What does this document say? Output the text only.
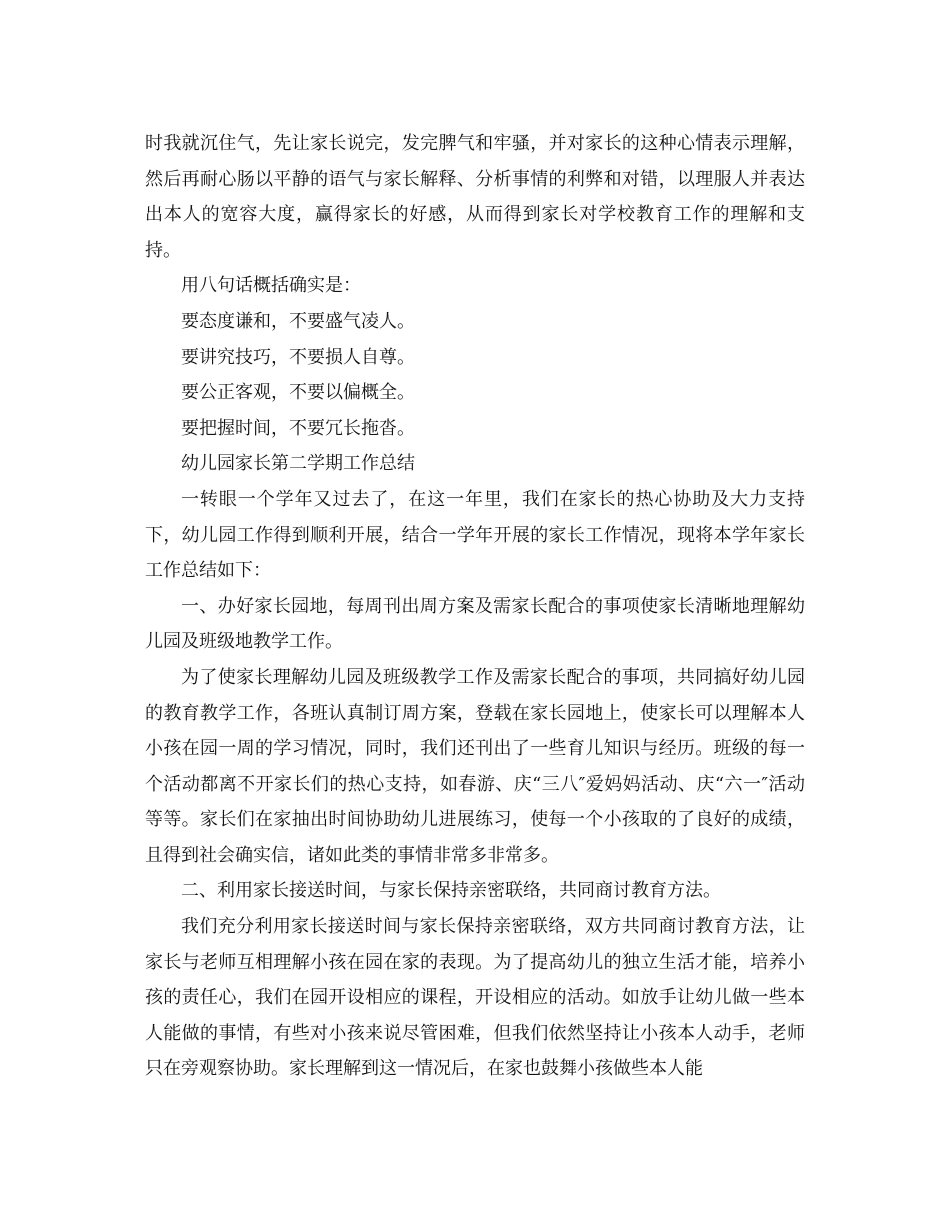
时我就沉住气，先让家长说完，发完脾气和牢骚，并对家长的这种心情表示理解，然后再耐心肠以平静的语气与家长解释、分析事情的利弊和对错，以理服人并表达出本人的宽容大度，赢得家长的好感，从而得到家长对学校教育工作的理解和支持。

用八句话概括确实是：

要态度谦和，不要盛气凌人。

要讲究技巧，不要损人自尊。

要公正客观，不要以偏概全。

要把握时间，不要冗长拖沓。

幼儿园家长第二学期工作总结

一转眼一个学年又过去了，在这一年里，我们在家长的热心协助及大力支持下，幼儿园工作得到顺利开展，结合一学年开展的家长工作情况，现将本学年家长工作总结如下：

一、办好家长园地，每周刊出周方案及需家长配合的事项使家长清晰地理解幼儿园及班级地教学工作。

为了使家长理解幼儿园及班级教学工作及需家长配合的事项，共同搞好幼儿园的教育教学工作，各班认真制订周方案，登载在家长园地上，使家长可以理解本人小孩在园一周的学习情况，同时，我们还刊出了一些育儿知识与经历。班级的每一个活动都离不开家长们的热心支持，如春游、庆“三八″爱妈妈活动、庆“六一″活动等等。家长们在家抽出时间协助幼儿进展练习，使每一个小孩取的了良好的成绩，且得到社会确实信，诸如此类的事情非常多非常多。

二、利用家长接送时间，与家长保持亲密联络，共同商讨教育方法。

我们充分利用家长接送时间与家长保持亲密联络，双方共同商讨教育方法，让家长与老师互相理解小孩在园在家的表现。为了提高幼儿的独立生活才能，培养小孩的责任心，我们在园开设相应的课程，开设相应的活动。如放手让幼儿做一些本人能做的事情，有些对小孩来说尽管困难，但我们依然坚持让小孩本人动手，老师只在旁观察协助。家长理解到这一情况后，在家也鼓舞小孩做些本人能
